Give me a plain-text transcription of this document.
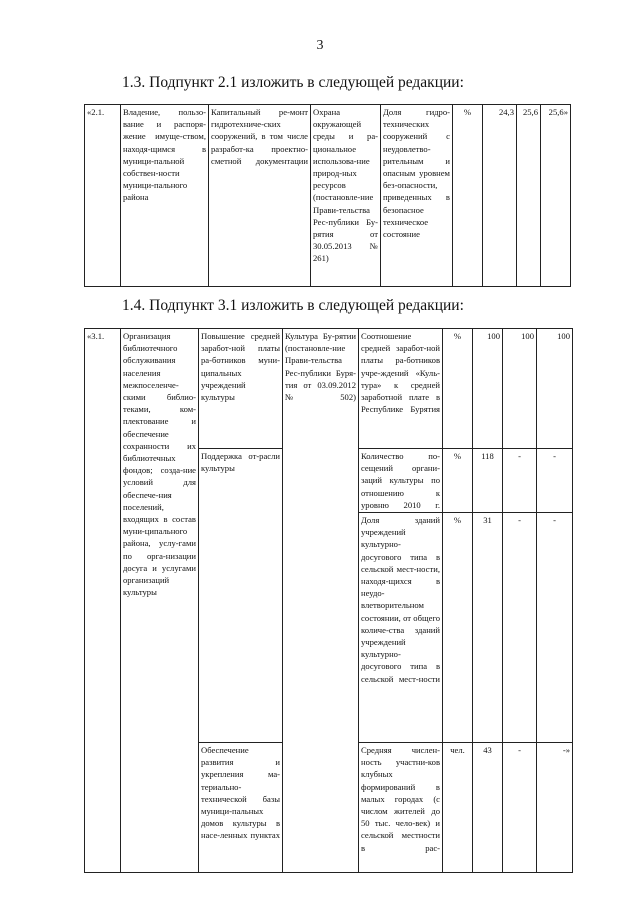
3
1.3. Подпункт 2.1 изложить в следующей редакции:
«2.1.	Владение, пользо-вание и распоря-жение имуще-ством, находя-щимся в муници-пальной собствен-ности муници-пального района	Капитальный ре-монт гидротехниче-ских сооружений, в том числе разработ-ка проектно-сметной документации	Охрана окружающей среды и ра-циональное использова-ние природ-ных ресурсов (постановле-ние Прави-тельства Рес-публики Бу-рятия от 30.05.2013 № 261)	Доля гидро-технических сооружений с неудовлетво-рительным и опасным уровнем без-опасности, приведенных в безопасное техническое состояние	%	24,3	25,6	25,6»
1.4. Подпункт 3.1 изложить в следующей редакции:
«3.1.	Организация библиотечного обслуживания населения межпоселенче-скими библио-теками, ком-плектование и обеспечение сохранности их библиотечных фондов; созда-ние условий для обеспече-ния поселений, входящих в состав муни-ципального района, услу-гами по орга-низации досуга и услугами организаций культуры	Повышение средней заработ-ной платы ра-ботников муни-ципальных учреждений культуры	Культура Бу-рятии (постановле-ние Прави-тельства Рес-публики Буря-тия от 03.09.2012 № 502)	Соотношение средней заработ-ной платы ра-ботников учре-ждений «Куль-тура» к средней заработной плате в Республике Бурятия	%	100	100	100
		Поддержка от-расли культуры		Количество по-сещений органи-заций культуры по отношению к уровню 2010 г.	%	118	-	-
				Доля зданий учреждений культурно-досугового типа в сельской мест-ности, находя-щихся в неудо-влетворительном состоянии, от общего количе-ства зданий учреждений культурно-досугового типа в сельской мест-ности	%	31	-	-
		Обеспечение развития и укрепления ма-териально-технической базы муници-пальных домов культуры в насе-ленных пунктах		Средняя числен-ность участни-ков клубных формирований в малых городах (с числом жителей до 50 тыс. чело-век) и сельской местности в рас-	чел.	43	-	-»
